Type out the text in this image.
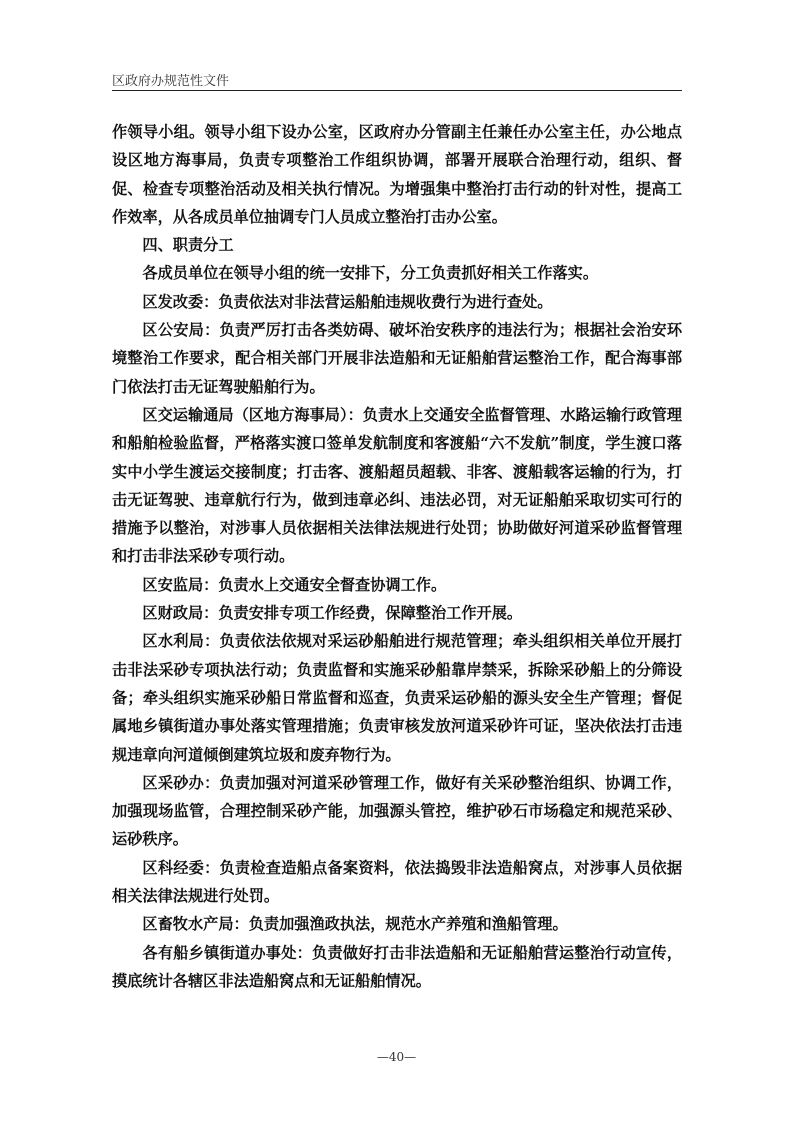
区政府办规范性文件

作领导小组。领导小组下设办公室，区政府办分管副主任兼任办公室主任，办公地点设区地方海事局，负责专项整治工作组织协调，部署开展联合治理行动，组织、督促、检查专项整治活动及相关执行情况。为增强集中整治打击行动的针对性，提高工作效率，从各成员单位抽调专门人员成立整治打击办公室。

四、职责分工

各成员单位在领导小组的统一安排下，分工负责抓好相关工作落实。

区发改委：负责依法对非法营运船舶违规收费行为进行查处。

区公安局：负责严厉打击各类妨碍、破坏治安秩序的违法行为；根据社会治安环境整治工作要求，配合相关部门开展非法造船和无证船舶营运整治工作，配合海事部门依法打击无证驾驶船舶行为。

区交运输通局（区地方海事局）：负责水上交通安全监督管理、水路运输行政管理和船舶检验监督，严格落实渡口签单发航制度和客渡船“六不发航”制度，学生渡口落实中小学生渡运交接制度；打击客、渡船超员超载、非客、渡船载客运输的行为，打击无证驾驶、违章航行行为，做到违章必纠、违法必罚，对无证船舶采取切实可行的措施予以整治，对涉事人员依据相关法律法规进行处罚；协助做好河道采砂监督管理和打击非法采砂专项行动。

区安监局：负责水上交通安全督查协调工作。

区财政局：负责安排专项工作经费，保障整治工作开展。

区水利局：负责依法依规对采运砂船舶进行规范管理；牵头组织相关单位开展打击非法采砂专项执法行动；负责监督和实施采砂船靠岸禁采，拆除采砂船上的分筛设备；牵头组织实施采砂船日常监督和巡查，负责采运砂船的源头安全生产管理；督促属地乡镇街道办事处落实管理措施；负责审核发放河道采砂许可证，坚决依法打击违规违章向河道倾倒建筑垃圾和废弃物行为。

区采砂办：负责加强对河道采砂管理工作，做好有关采砂整治组织、协调工作，加强现场监管，合理控制采砂产能，加强源头管控，维护砂石市场稳定和规范采砂、运砂秩序。

区科经委：负责检查造船点备案资料，依法捣毁非法造船窝点，对涉事人员依据相关法律法规进行处罚。

区畜牧水产局：负责加强渔政执法，规范水产养殖和渔船管理。

各有船乡镇街道办事处：负责做好打击非法造船和无证船舶营运整治行动宣传，摸底统计各辖区非法造船窝点和无证船舶情况。

—40—
